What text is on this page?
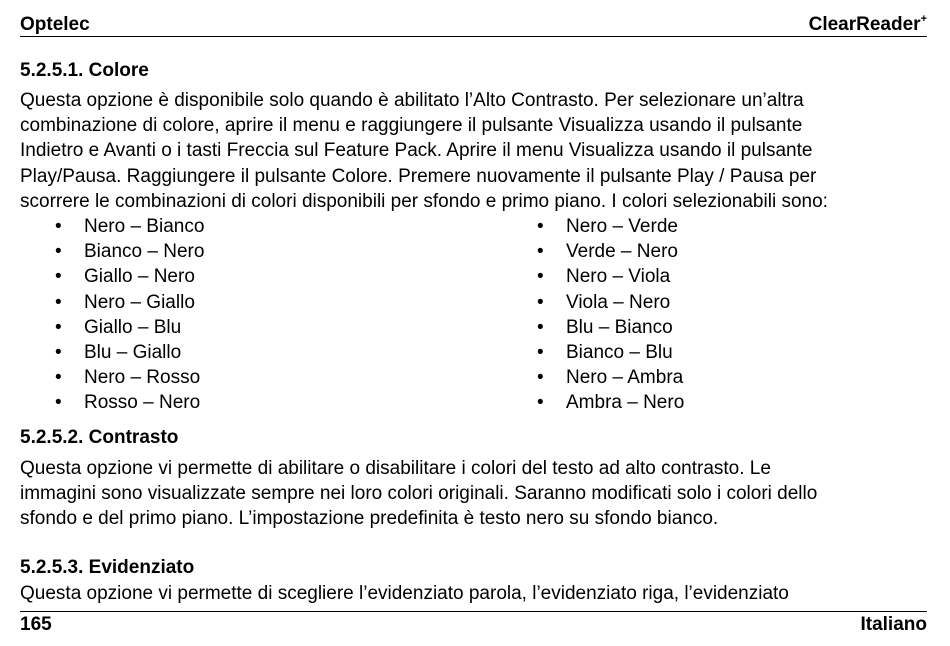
Optelec	ClearReader+
5.2.5.1. Colore

Questa opzione è disponibile solo quando è abilitato l’Alto Contrasto. Per selezionare un’altra
combinazione di colore, aprire il menu e raggiungere il pulsante Visualizza usando il pulsante
Indietro e Avanti o i tasti Freccia sul Feature Pack. Aprire il menu Visualizza usando il pulsante
Play/Pausa. Raggiungere il pulsante Colore. Premere nuovamente il pulsante Play / Pausa per
scorrere le combinazioni di colori disponibili per sfondo e primo piano. I colori selezionabili sono:

•	Nero – Bianco
•	Bianco – Nero
•	Giallo – Nero
•	Nero – Giallo
•	Giallo – Blu
•	Blu – Giallo
•	Nero – Rosso
•	Rosso – Nero
•	Nero – Verde
•	Verde – Nero
•	Nero – Viola
•	Viola – Nero
•	Blu – Bianco
•	Bianco – Blu
•	Nero – Ambra
•	Ambra – Nero
5.2.5.2. Contrasto

Questa opzione vi permette di abilitare o disabilitare i colori del testo ad alto contrasto. Le
immagini sono visualizzate sempre nei loro colori originali. Saranno modificati solo i colori dello
sfondo e del primo piano. L’impostazione predefinita è testo nero su sfondo bianco.

5.2.5.3. Evidenziato

Questa opzione vi permette di scegliere l’evidenziato parola, l’evidenziato riga, l’evidenziato

165	Italiano
